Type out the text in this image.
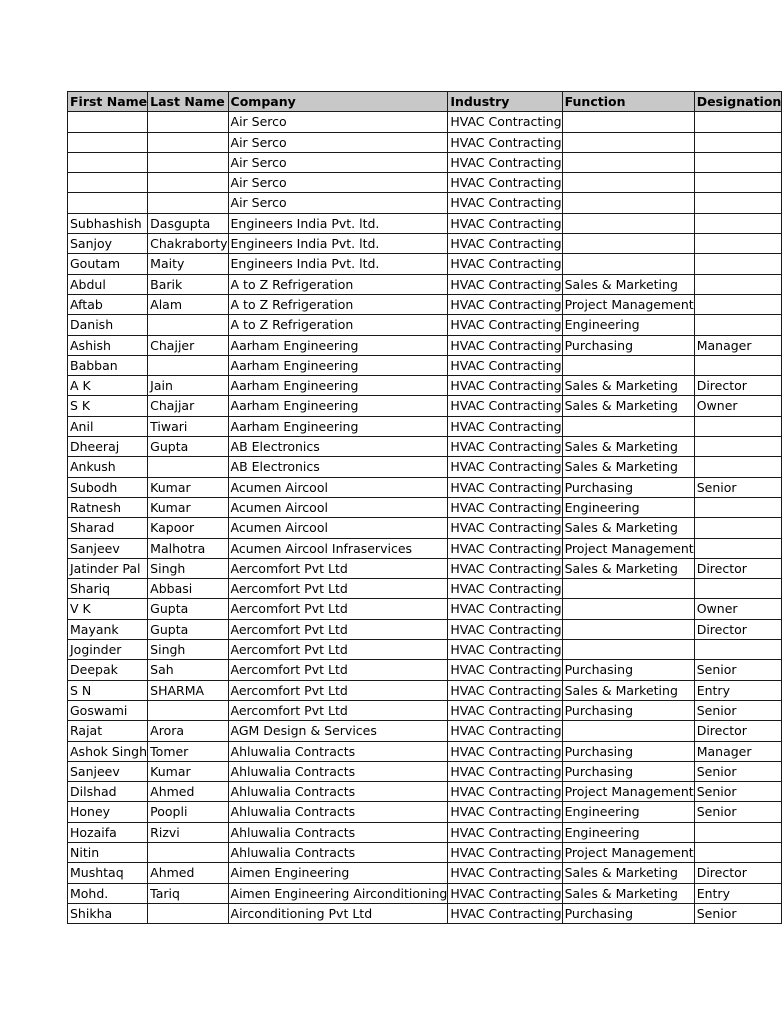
First Name	Last Name	Company	Industry	Function	Designation

		Air Serco	HVAC Contracting		

		Air Serco	HVAC Contracting		

		Air Serco	HVAC Contracting		

		Air Serco	HVAC Contracting		

		Air Serco	HVAC Contracting		

Subhashish	Dasgupta	Engineers India Pvt. ltd.	HVAC Contracting		

Sanjoy	Chakraborty	Engineers India Pvt. ltd.	HVAC Contracting		

Goutam	Maity	Engineers India Pvt. ltd.	HVAC Contracting		

Abdul	Barik	A to Z Refrigeration	HVAC Contracting	Sales & Marketing	

Aftab	Alam	A to Z Refrigeration	HVAC Contracting	Project Management	

Danish		A to Z Refrigeration	HVAC Contracting	Engineering	

Ashish	Chajjer	Aarham Engineering	HVAC Contracting	Purchasing	Manager

Babban		Aarham Engineering	HVAC Contracting		

A K	Jain	Aarham Engineering	HVAC Contracting	Sales & Marketing	Director

S K	Chajjar	Aarham Engineering	HVAC Contracting	Sales & Marketing	Owner

Anil	Tiwari	Aarham Engineering	HVAC Contracting		

Dheeraj	Gupta	AB Electronics	HVAC Contracting	Sales & Marketing	

Ankush		AB Electronics	HVAC Contracting	Sales & Marketing	

Subodh	Kumar	Acumen Aircool	HVAC Contracting	Purchasing	Senior

Ratnesh	Kumar	Acumen Aircool	HVAC Contracting	Engineering	

Sharad	Kapoor	Acumen Aircool	HVAC Contracting	Sales & Marketing	

Sanjeev	Malhotra	Acumen Aircool Infraservices	HVAC Contracting	Project Management	

Jatinder Pal	Singh	Aercomfort Pvt Ltd	HVAC Contracting	Sales & Marketing	Director

Shariq	Abbasi	Aercomfort Pvt Ltd	HVAC Contracting		

V K	Gupta	Aercomfort Pvt Ltd	HVAC Contracting		Owner

Mayank	Gupta	Aercomfort Pvt Ltd	HVAC Contracting		Director

Joginder	Singh	Aercomfort Pvt Ltd	HVAC Contracting		

Deepak	Sah	Aercomfort Pvt Ltd	HVAC Contracting	Purchasing	Senior

S N	SHARMA	Aercomfort Pvt Ltd	HVAC Contracting	Sales & Marketing	Entry

Goswami		Aercomfort Pvt Ltd	HVAC Contracting	Purchasing	Senior

Rajat	Arora	AGM Design & Services	HVAC Contracting		Director

Ashok Singh	Tomer	Ahluwalia Contracts	HVAC Contracting	Purchasing	Manager

Sanjeev	Kumar	Ahluwalia Contracts	HVAC Contracting	Purchasing	Senior

Dilshad	Ahmed	Ahluwalia Contracts	HVAC Contracting	Project Management	Senior

Honey	Poopli	Ahluwalia Contracts	HVAC Contracting	Engineering	Senior

Hozaifa	Rizvi	Ahluwalia Contracts	HVAC Contracting	Engineering	

Nitin		Ahluwalia Contracts	HVAC Contracting	Project Management	

Mushtaq	Ahmed	Aimen Engineering	HVAC Contracting	Sales & Marketing	Director

Mohd.	Tariq	Aimen Engineering Airconditioning	HVAC Contracting	Sales & Marketing	Entry

Shikha		Airconditioning Pvt Ltd	HVAC Contracting	Purchasing	Senior
